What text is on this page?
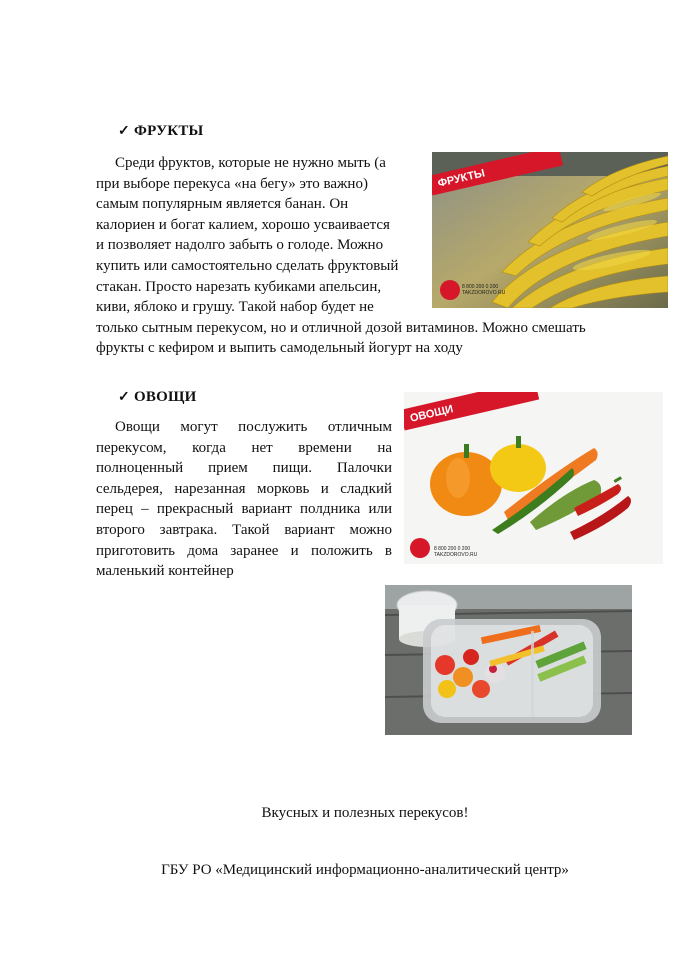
✓ ФРУКТЫ

Среди фруктов, которые не нужно мыть (а

при выборе перекуса «на бегу» это важно)

самым популярным является банан. Он

калориен и богат калием, хорошо усваивается

и позволяет надолго забыть о голоде. Можно

купить или самостоятельно сделать фруктовый

стакан. Просто нарезать кубиками апельсин,

киви, яблоко и грушу. Такой набор будет не

только сытным перекусом, но и отличной дозой витаминов. Можно смешать

фрукты с кефиром и выпить самодельный йогурт на ходу

ФРУКТЫ
8 800 200 0 200
TAKZDOROVO.RU
✓ ОВОЩИ

Овощи могут послужить отличным

перекусом, когда нет времени на

полноценный прием пищи. Палочки

сельдерея, нарезанная морковь и сладкий

перец – прекрасный вариант полдника или

второго завтрака. Такой вариант можно

приготовить дома заранее и положить в

маленький контейнер

ОВОЩИ
8 800 200 0 200
TAKZDOROVO.RU
Вкусных и полезных перекусов!
ГБУ РО «Медицинский информационно-аналитический центр»
